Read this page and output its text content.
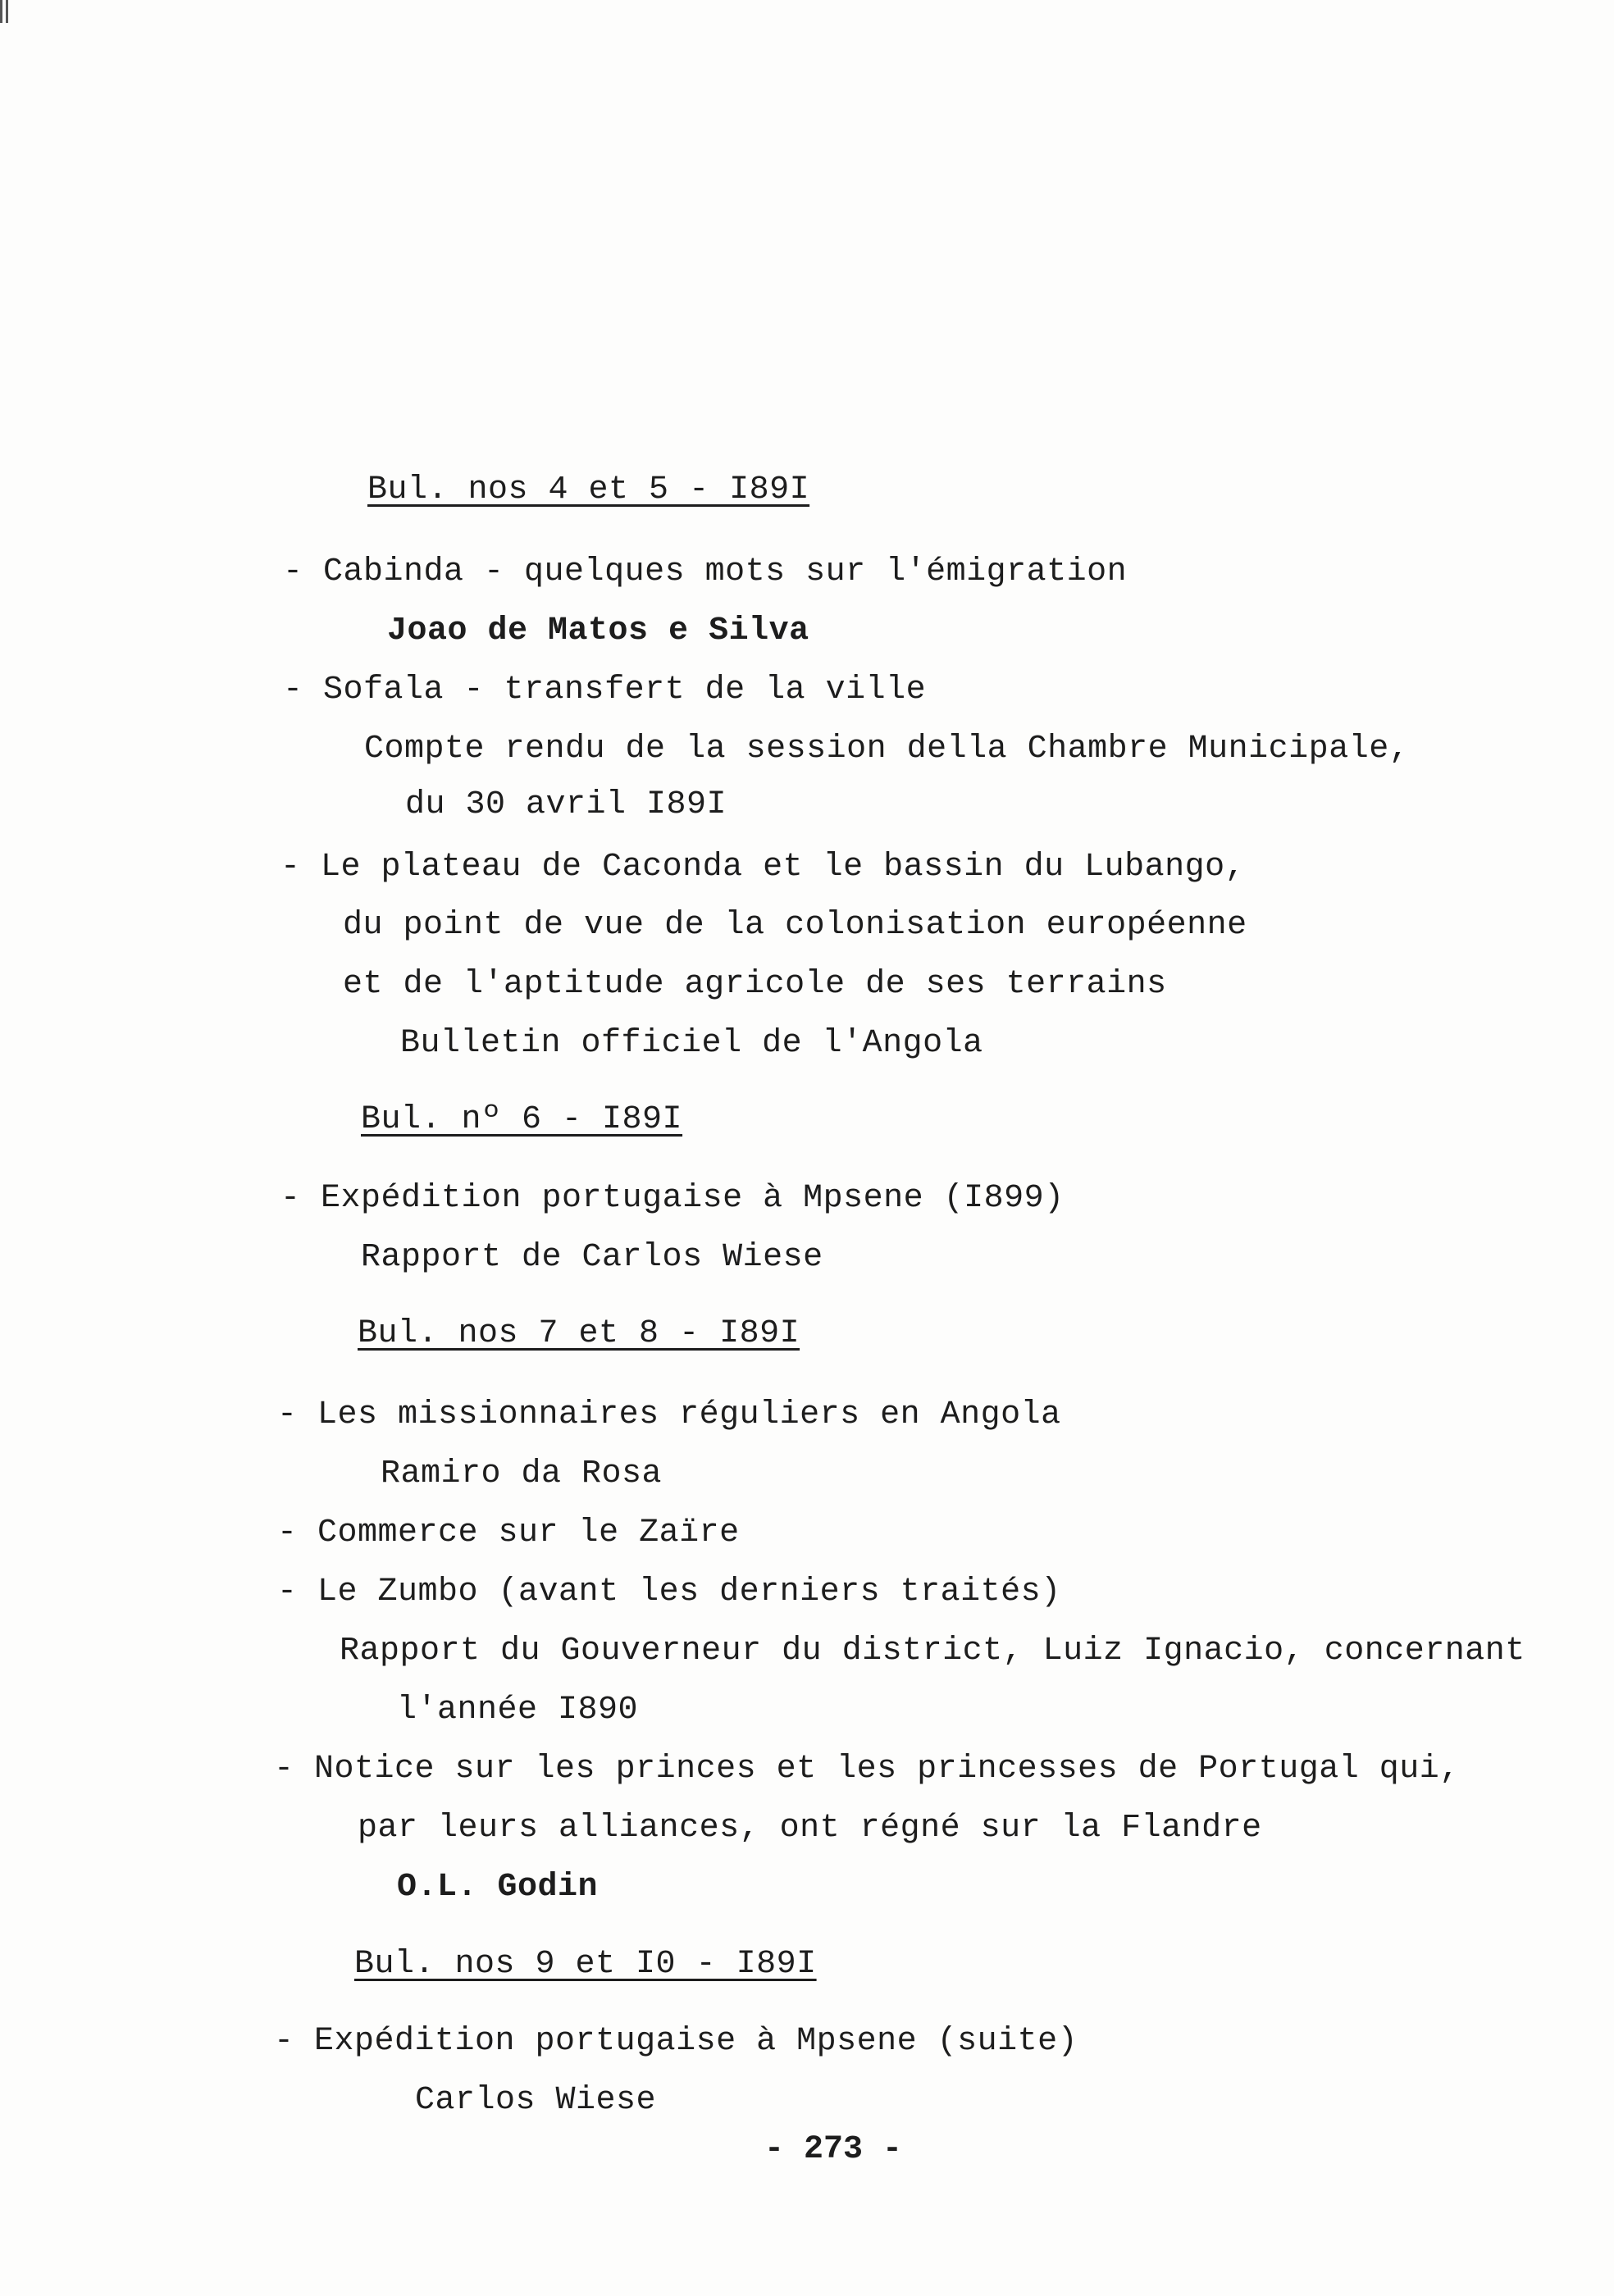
Bul. nos 4 et 5 - I89I
- Cabinda - quelques mots sur l'émigration
Joao de Matos e Silva
- Sofala - transfert de la ville
Compte rendu de la session della Chambre Municipale,
du 30 avril I89I
- Le plateau de Caconda et le bassin du Lubango,
du point de vue de la colonisation européenne
et de l'aptitude agricole de ses terrains
Bulletin officiel de l'Angola
Bul. nº 6 - I89I
- Expédition portugaise à Mpsene (I899)
Rapport de Carlos Wiese
Bul. nos 7 et 8 - I89I
- Les missionnaires réguliers en Angola
Ramiro da Rosa
- Commerce sur le Zaïre
- Le Zumbo (avant les derniers traités)
Rapport du Gouverneur du district, Luiz Ignacio, concernant
l'année I890
- Notice sur les princes et les princesses de Portugal qui,
par leurs alliances, ont régné sur la Flandre
O.L. Godin
Bul. nos 9 et I0 - I89I
- Expédition portugaise à Mpsene (suite)
Carlos Wiese
- 273 -
